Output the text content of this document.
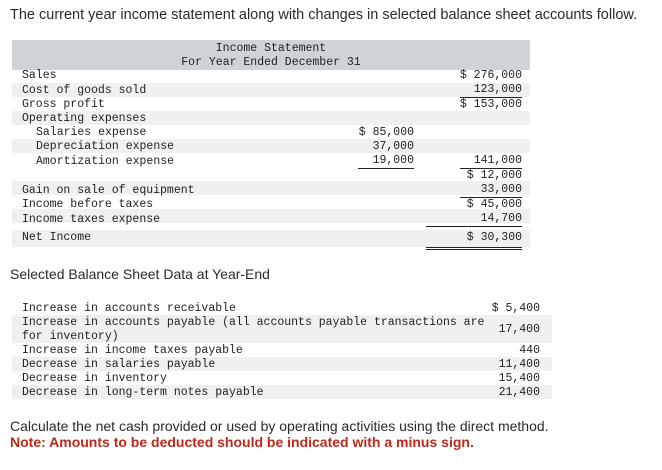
The current year income statement along with changes in selected balance sheet accounts follow.
Income Statement
For Year Ended December 31
Sales
Cost of goods sold
Gross profit
Operating expenses
Salaries expense
Depreciation expense
Amortization expense
Gain on sale of equipment
Income before taxes
Income taxes expense
Net Income
$ 85,000
37,000
19,000
$ 276,000
123,000
$ 153,000
141,000
$ 12,000
33,000
$ 45,000
14,700
$ 30,300
Selected Balance Sheet Data at Year-End
Increase in accounts receivable
Increase in accounts payable (all accounts payable transactions are
for inventory)
Increase in income taxes payable
Decrease in salaries payable
Decrease in inventory
Decrease in long-term notes payable
$ 5,400
17,400
440
11,400
15,400
21,400
Calculate the net cash provided or used by operating activities using the direct method.
Note: Amounts to be deducted should be indicated with a minus sign.
